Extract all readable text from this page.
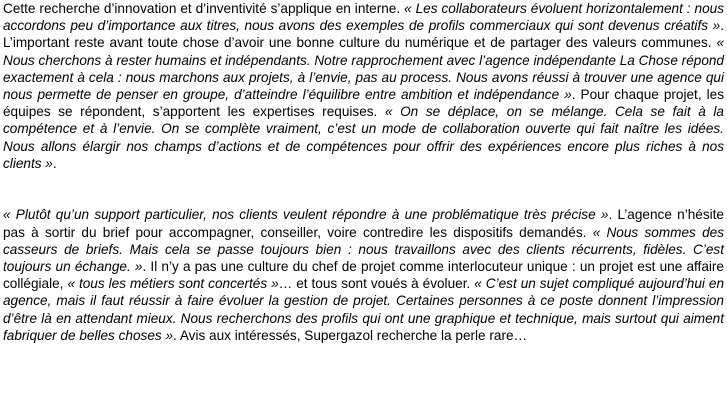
Cette recherche d’innovation et d’inventivité s’applique en interne. « Les collaborateurs évoluent horizontalement : nous accordons peu d’importance aux titres, nous avons des exemples de profils commerciaux qui sont devenus créatifs ». L’important reste avant toute chose d’avoir une bonne culture du numérique et de partager des valeurs communes. « Nous cherchons à rester humains et indépendants. Notre rapprochement avec l’agence indépendante La Chose répond exactement à cela : nous marchons aux projets, à l’envie, pas au process. Nous avons réussi à trouver une agence qui nous permette de penser en groupe, d’atteindre l’équilibre entre ambition et indépendance ». Pour chaque projet, les équipes se répondent, s’apportent les expertises requises. « On se déplace, on se mélange. Cela se fait à la compétence et à l’envie. On se complète vraiment, c’est un mode de collaboration ouverte qui fait naître les idées. Nous allons élargir nos champs d’actions et de compétences pour offrir des expériences encore plus riches à nos clients ».

« Plutôt qu’un support particulier, nos clients veulent répondre à une problématique très précise ». L’agence n’hésite pas à sortir du brief pour accompagner, conseiller, voire contredire les dispositifs demandés. « Nous sommes des casseurs de briefs. Mais cela se passe toujours bien : nous travaillons avec des clients récurrents, fidèles. C’est toujours un échange. ». Il n’y a pas une culture du chef de projet comme interlocuteur unique : un projet est une affaire collégiale, « tous les métiers sont concertés »… et tous sont voués à évoluer. « C’est un sujet compliqué aujourd’hui en agence, mais il faut réussir à faire évoluer la gestion de projet. Certaines personnes à ce poste donnent l’impression d’être là en attendant mieux. Nous recherchons des profils qui ont une graphique et technique, mais surtout qui aiment fabriquer de belles choses ». Avis aux intéressés, Supergazol recherche la perle rare…
